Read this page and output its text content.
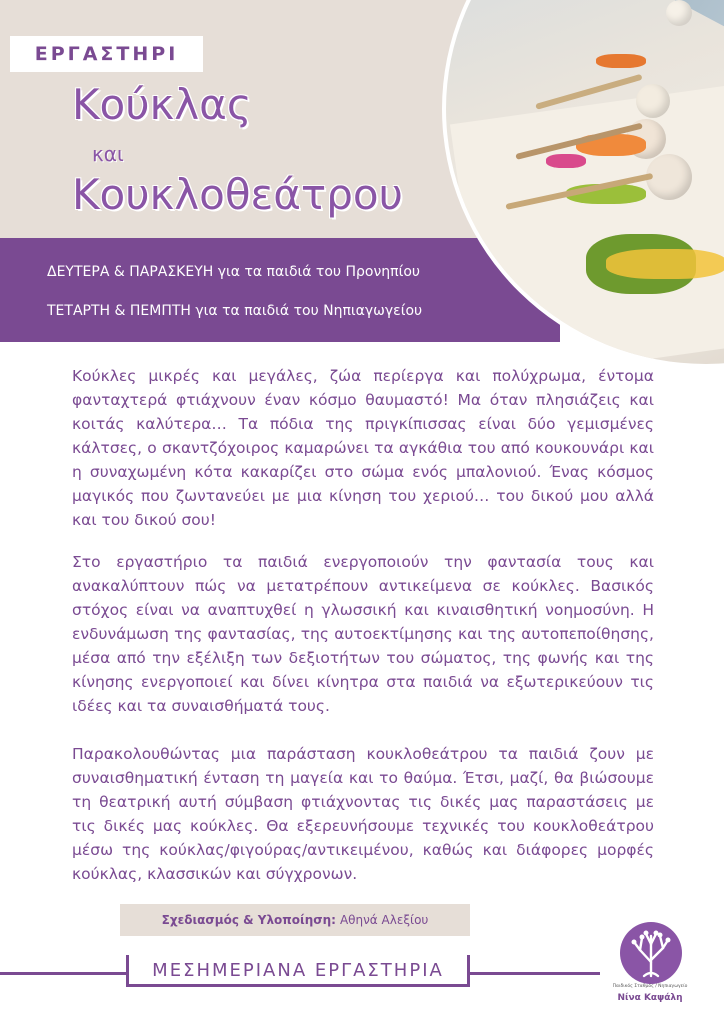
ΕΡΓΑΣΤΗΡΙ
Κούκλας
και
Κουκλοθεάτρου
ΔΕΥΤΕΡΑ & ΠΑΡΑΣΚΕΥΗ για τα παιδιά του Προνηπίου
ΤΕΤΑΡΤΗ & ΠΕΜΠΤΗ για τα παιδιά του Νηπιαγωγείου

Κούκλες μικρές και μεγάλες, ζώα περίεργα και πολύχρωμα, έντομα φανταχτερά φτιάχνουν έναν κόσμο θαυμαστό! Μα όταν πλησιάζεις και κοιτάς καλύτερα… Τα πόδια της πριγκίπισσας είναι δύο γεμισμένες κάλτσες, ο σκαντζόχοιρος καμαρώνει τα αγκάθια του από κουκουνάρι και η συναχωμένη κότα κακαρίζει στο σώμα ενός μπαλονιού. Ένας κόσμος μαγικός που ζωντανεύει με μια κίνηση του χεριού… του δικού μου αλλά και του δικού σου!

Στο εργαστήριο τα παιδιά ενεργοποιούν την φαντασία τους και ανακαλύπτουν πώς να μετατρέπουν αντικείμενα σε κούκλες. Βασικός στόχος είναι να αναπτυχθεί η γλωσσική και κιναισθητική νοημοσύνη. Η ενδυνάμωση της φαντασίας, της αυτοεκτίμησης και της αυτοπεποίθησης, μέσα από την εξέλιξη των δεξιοτήτων του σώματος, της φωνής και της κίνησης ενεργοποιεί και δίνει κίνητρα στα παιδιά να εξωτερικεύουν τις ιδέες και τα συναισθήματά τους.

Παρακολουθώντας μια παράσταση κουκλοθεάτρου τα παιδιά ζουν με συναισθηματική ένταση τη μαγεία και το θαύμα. Έτσι, μαζί, θα βιώσουμε τη θεατρική αυτή σύμβαση φτιάχνοντας τις δικές μας παραστάσεις με τις δικές μας κούκλες. Θα εξερευνήσουμε τεχνικές του κουκλοθεάτρου μέσω της κούκλας/φιγούρας/αντικειμένου, καθώς και διάφορες μορφές κούκλας, κλασσικών και σύγχρονων.

Σχεδιασμός & Υλοποίηση: Αθηνά Αλεξίου
ΜΕΣΗΜΕΡΙΑΝΑ ΕΡΓΑΣΤΗΡΙΑ
Παιδικός Σταθμός / Νηπιαγωγείο
Νίνα Καψάλη
